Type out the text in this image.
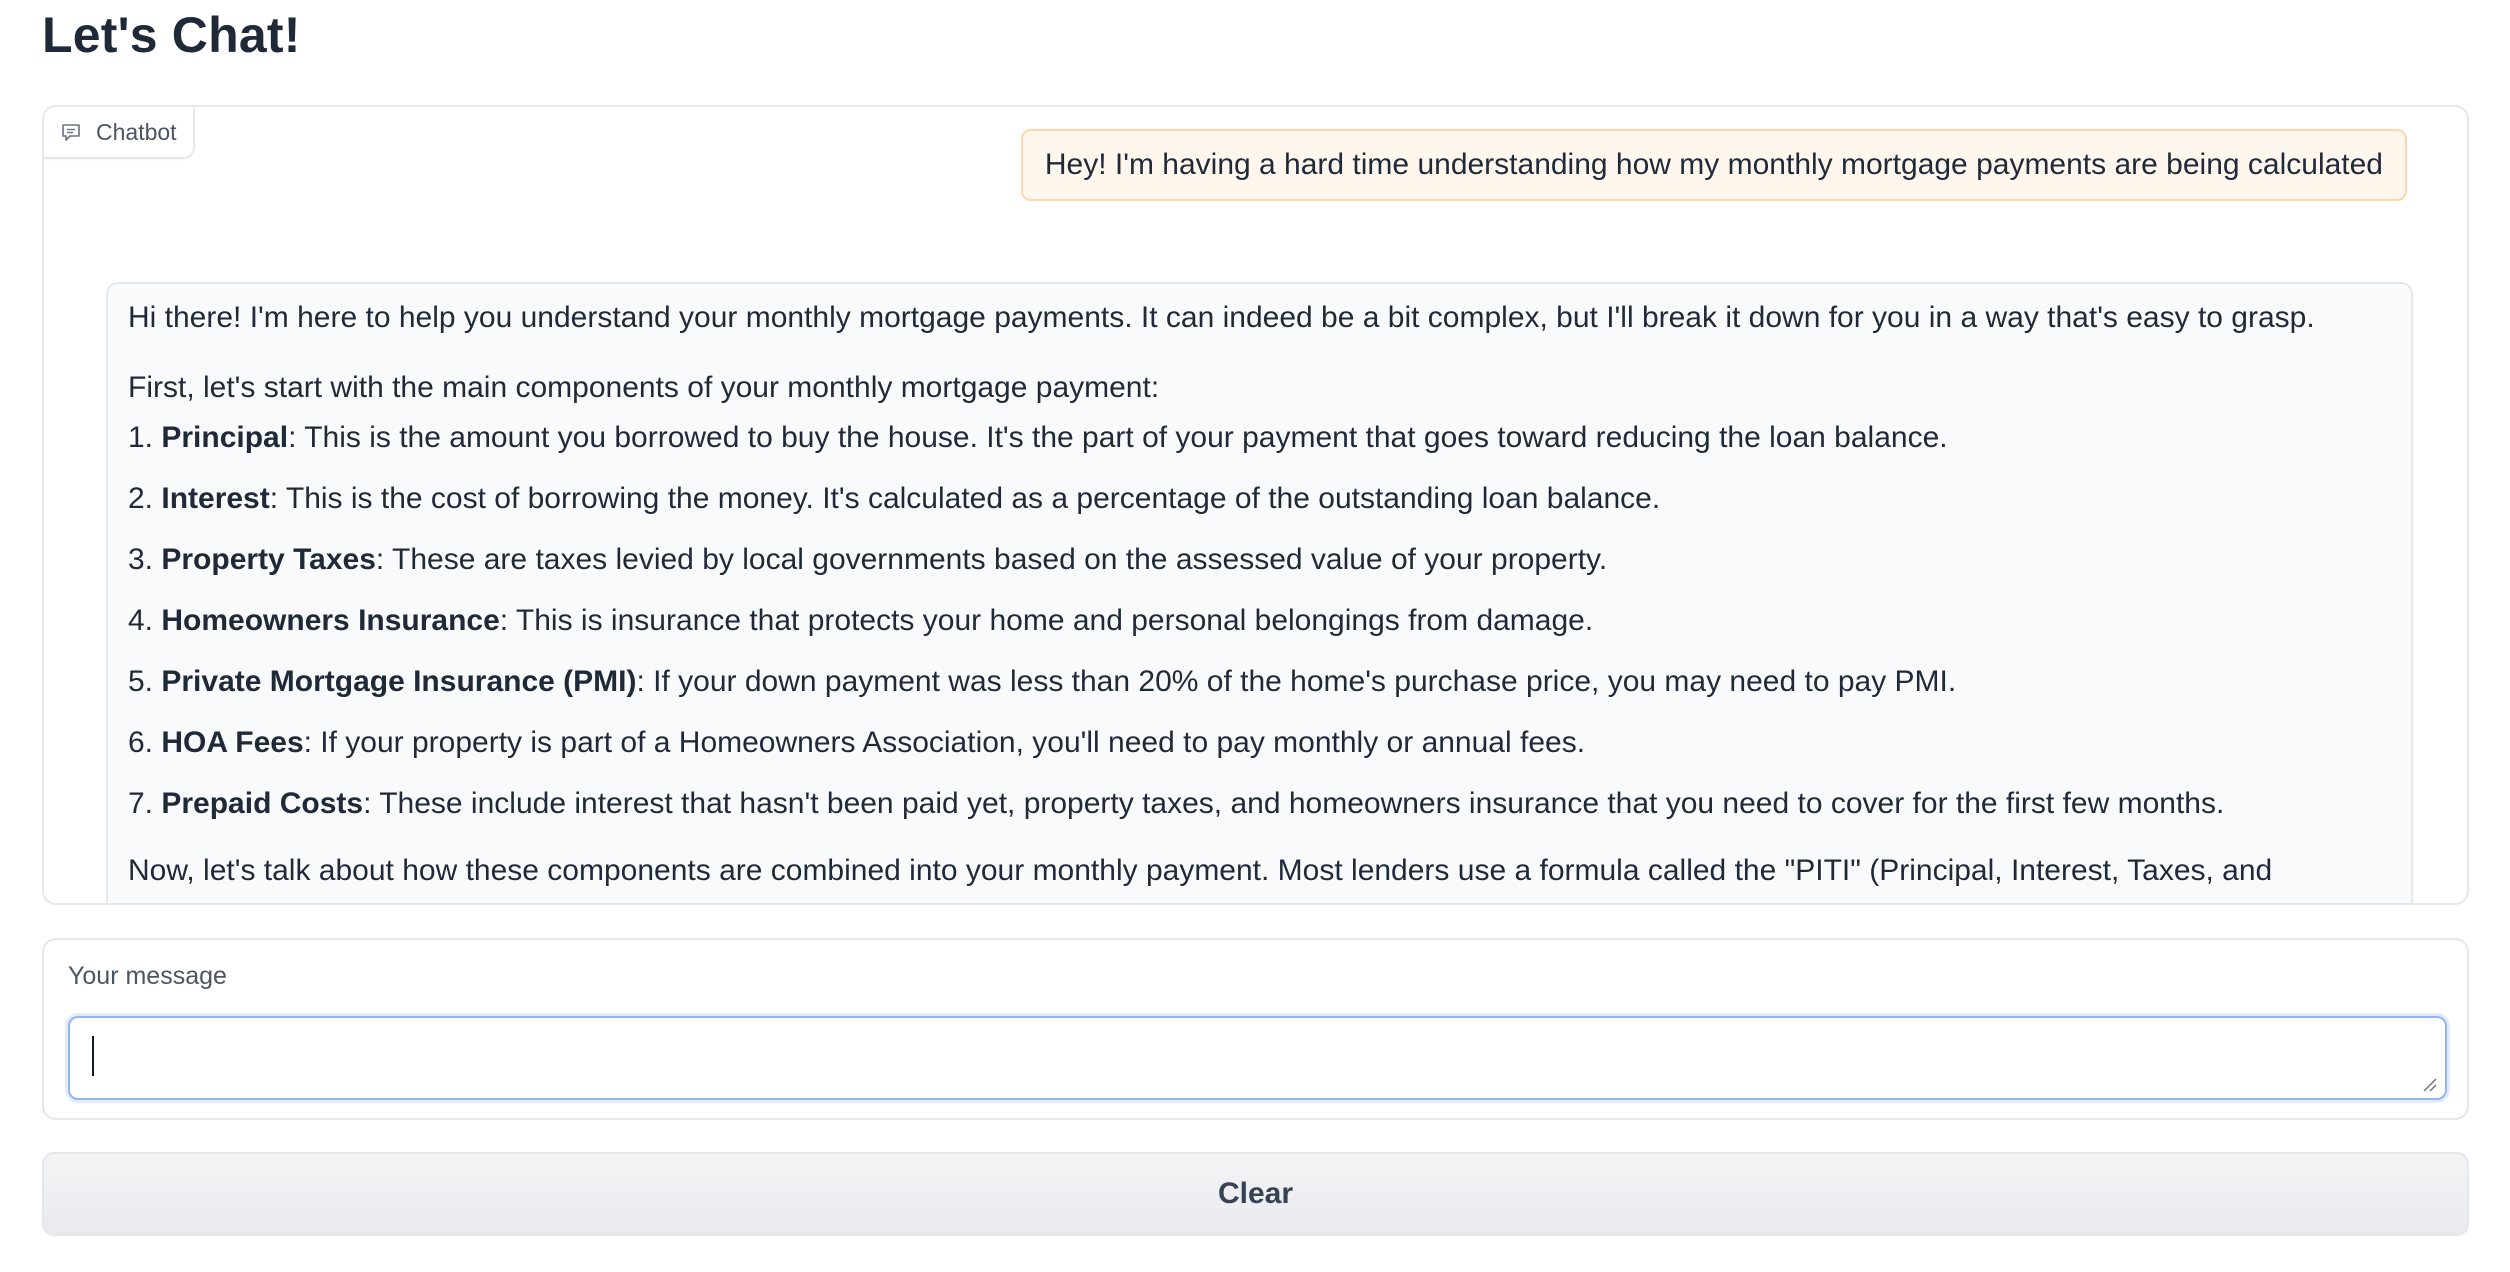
Let's Chat!
Chatbot
Hey! I'm having a hard time understanding how my monthly mortgage payments are being calculated

Hi there! I'm here to help you understand your monthly mortgage payments. It can indeed be a bit complex, but I'll break it down for you in a way that's easy to grasp.

First, let's start with the main components of your monthly mortgage payment:

1. Principal: This is the amount you borrowed to buy the house. It's the part of your payment that goes toward reducing the loan balance.
2. Interest: This is the cost of borrowing the money. It's calculated as a percentage of the outstanding loan balance.
3. Property Taxes: These are taxes levied by local governments based on the assessed value of your property.
4. Homeowners Insurance: This is insurance that protects your home and personal belongings from damage.
5. Private Mortgage Insurance (PMI): If your down payment was less than 20% of the home's purchase price, you may need to pay PMI.
6. HOA Fees: If your property is part of a Homeowners Association, you'll need to pay monthly or annual fees.
7. Prepaid Costs: These include interest that hasn't been paid yet, property taxes, and homeowners insurance that you need to cover for the first few months.

Now, let's talk about how these components are combined into your monthly payment. Most lenders use a formula called the "PITI" (Principal, Interest, Taxes, and

Your message
Clear
